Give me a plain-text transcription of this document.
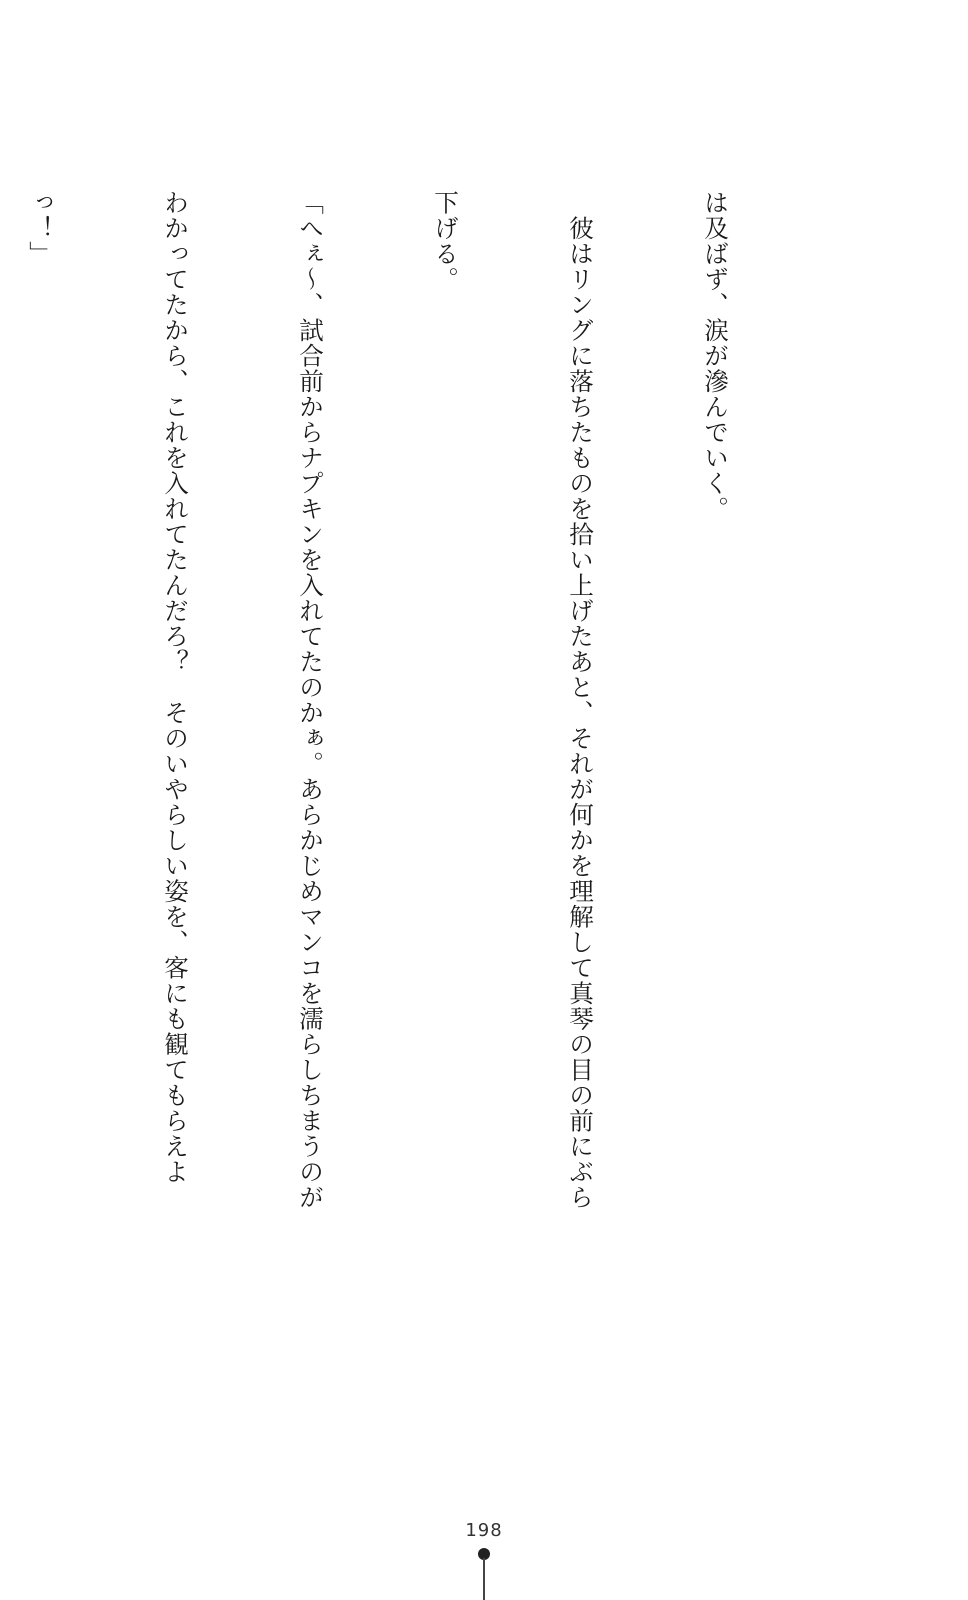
は及ばず、涙が滲んでいく。

　彼はリングに落ちたものを拾い上げたあと、それが何かを理解して真琴の目の前にぶら

下げる。

「へぇ〜、試合前からナプキンを入れてたのかぁ。あらかじめマンコを濡らしちまうのが

わかってたから、これを入れてたんだろ？　そのいやらしい姿を、客にも観てもらえよ

っ！」

198
